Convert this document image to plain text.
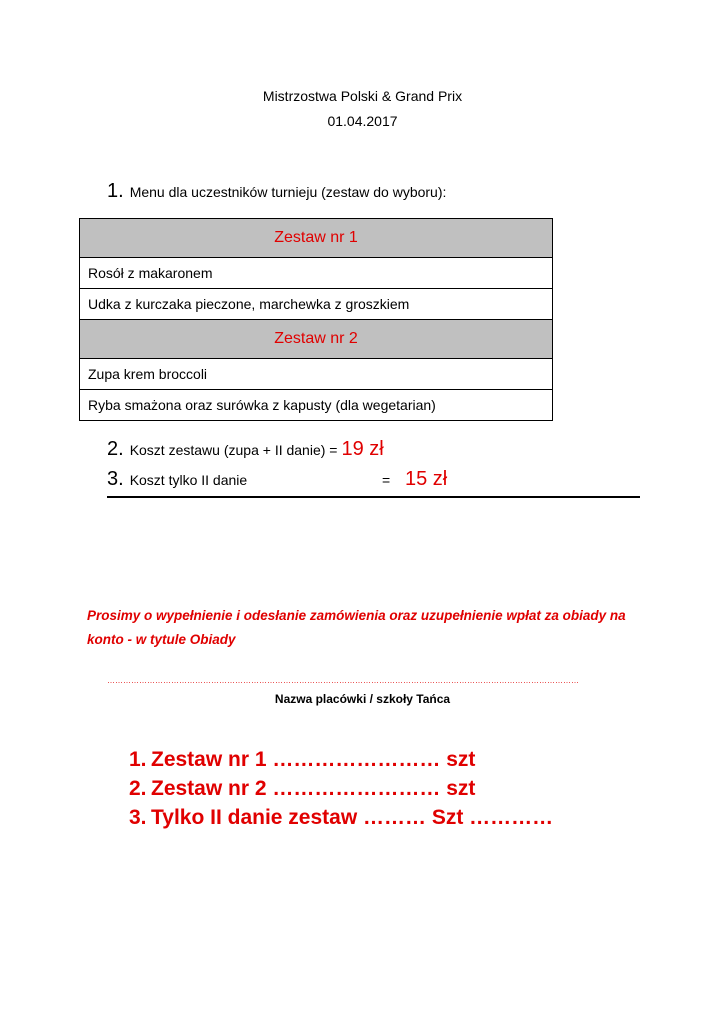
Mistrzostwa Polski & Grand Prix
01.04.2017
1. Menu dla uczestników turnieju (zestaw do wyboru):
Zestaw nr 1
Rosół z makaronem
Udka z kurczaka pieczone, marchewka z groszkiem
Zestaw nr 2
Zupa krem broccoli
Ryba smażona oraz surówka z kapusty (dla wegetarian)
2. Koszt zestawu (zupa + II danie) = 19 zł
3. Koszt tylko II danie	= 15 zł
Prosimy o wypełnienie i odesłanie zamówienia oraz uzupełnienie wpłat za obiady na konto - w tytule Obiady
……………………………………………………………………………………………………………………………………………………………
Nazwa placówki / szkoły Tańca
1. Zestaw nr 1 …………………… szt
2. Zestaw nr 2 …………………… szt
3. Tylko II danie zestaw ……… Szt …………
